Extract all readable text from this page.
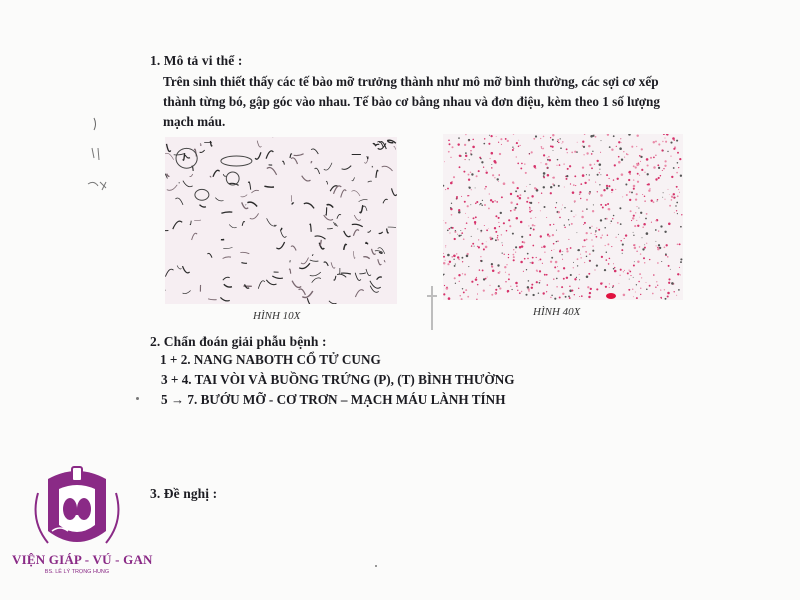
1. Mô tả vi thể :
Trên sinh thiết thấy các tế bào mỡ trưởng thành như mô mỡ bình thường, các sợi cơ xếp
thành từng bó, gập góc vào nhau. Tế bào cơ bằng nhau và đơn điệu, kèm theo 1 số lượng
mạch máu.
HÌNH 10X	HÌNH 40X
2. Chẩn đoán giải phẫu bệnh :
1 + 2. NANG NABOTH CỔ TỬ CUNG
3 + 4. TAI VÒI VÀ BUỒNG TRỨNG (P), (T) BÌNH THƯỜNG
5 → 7. BƯỚU MỠ - CƠ TRƠN – MẠCH MÁU LÀNH TÍNH
3. Đề nghị :
VIỆN GIÁP - VÚ - GAN
BS. LÊ LÝ TRỌNG HUNG
